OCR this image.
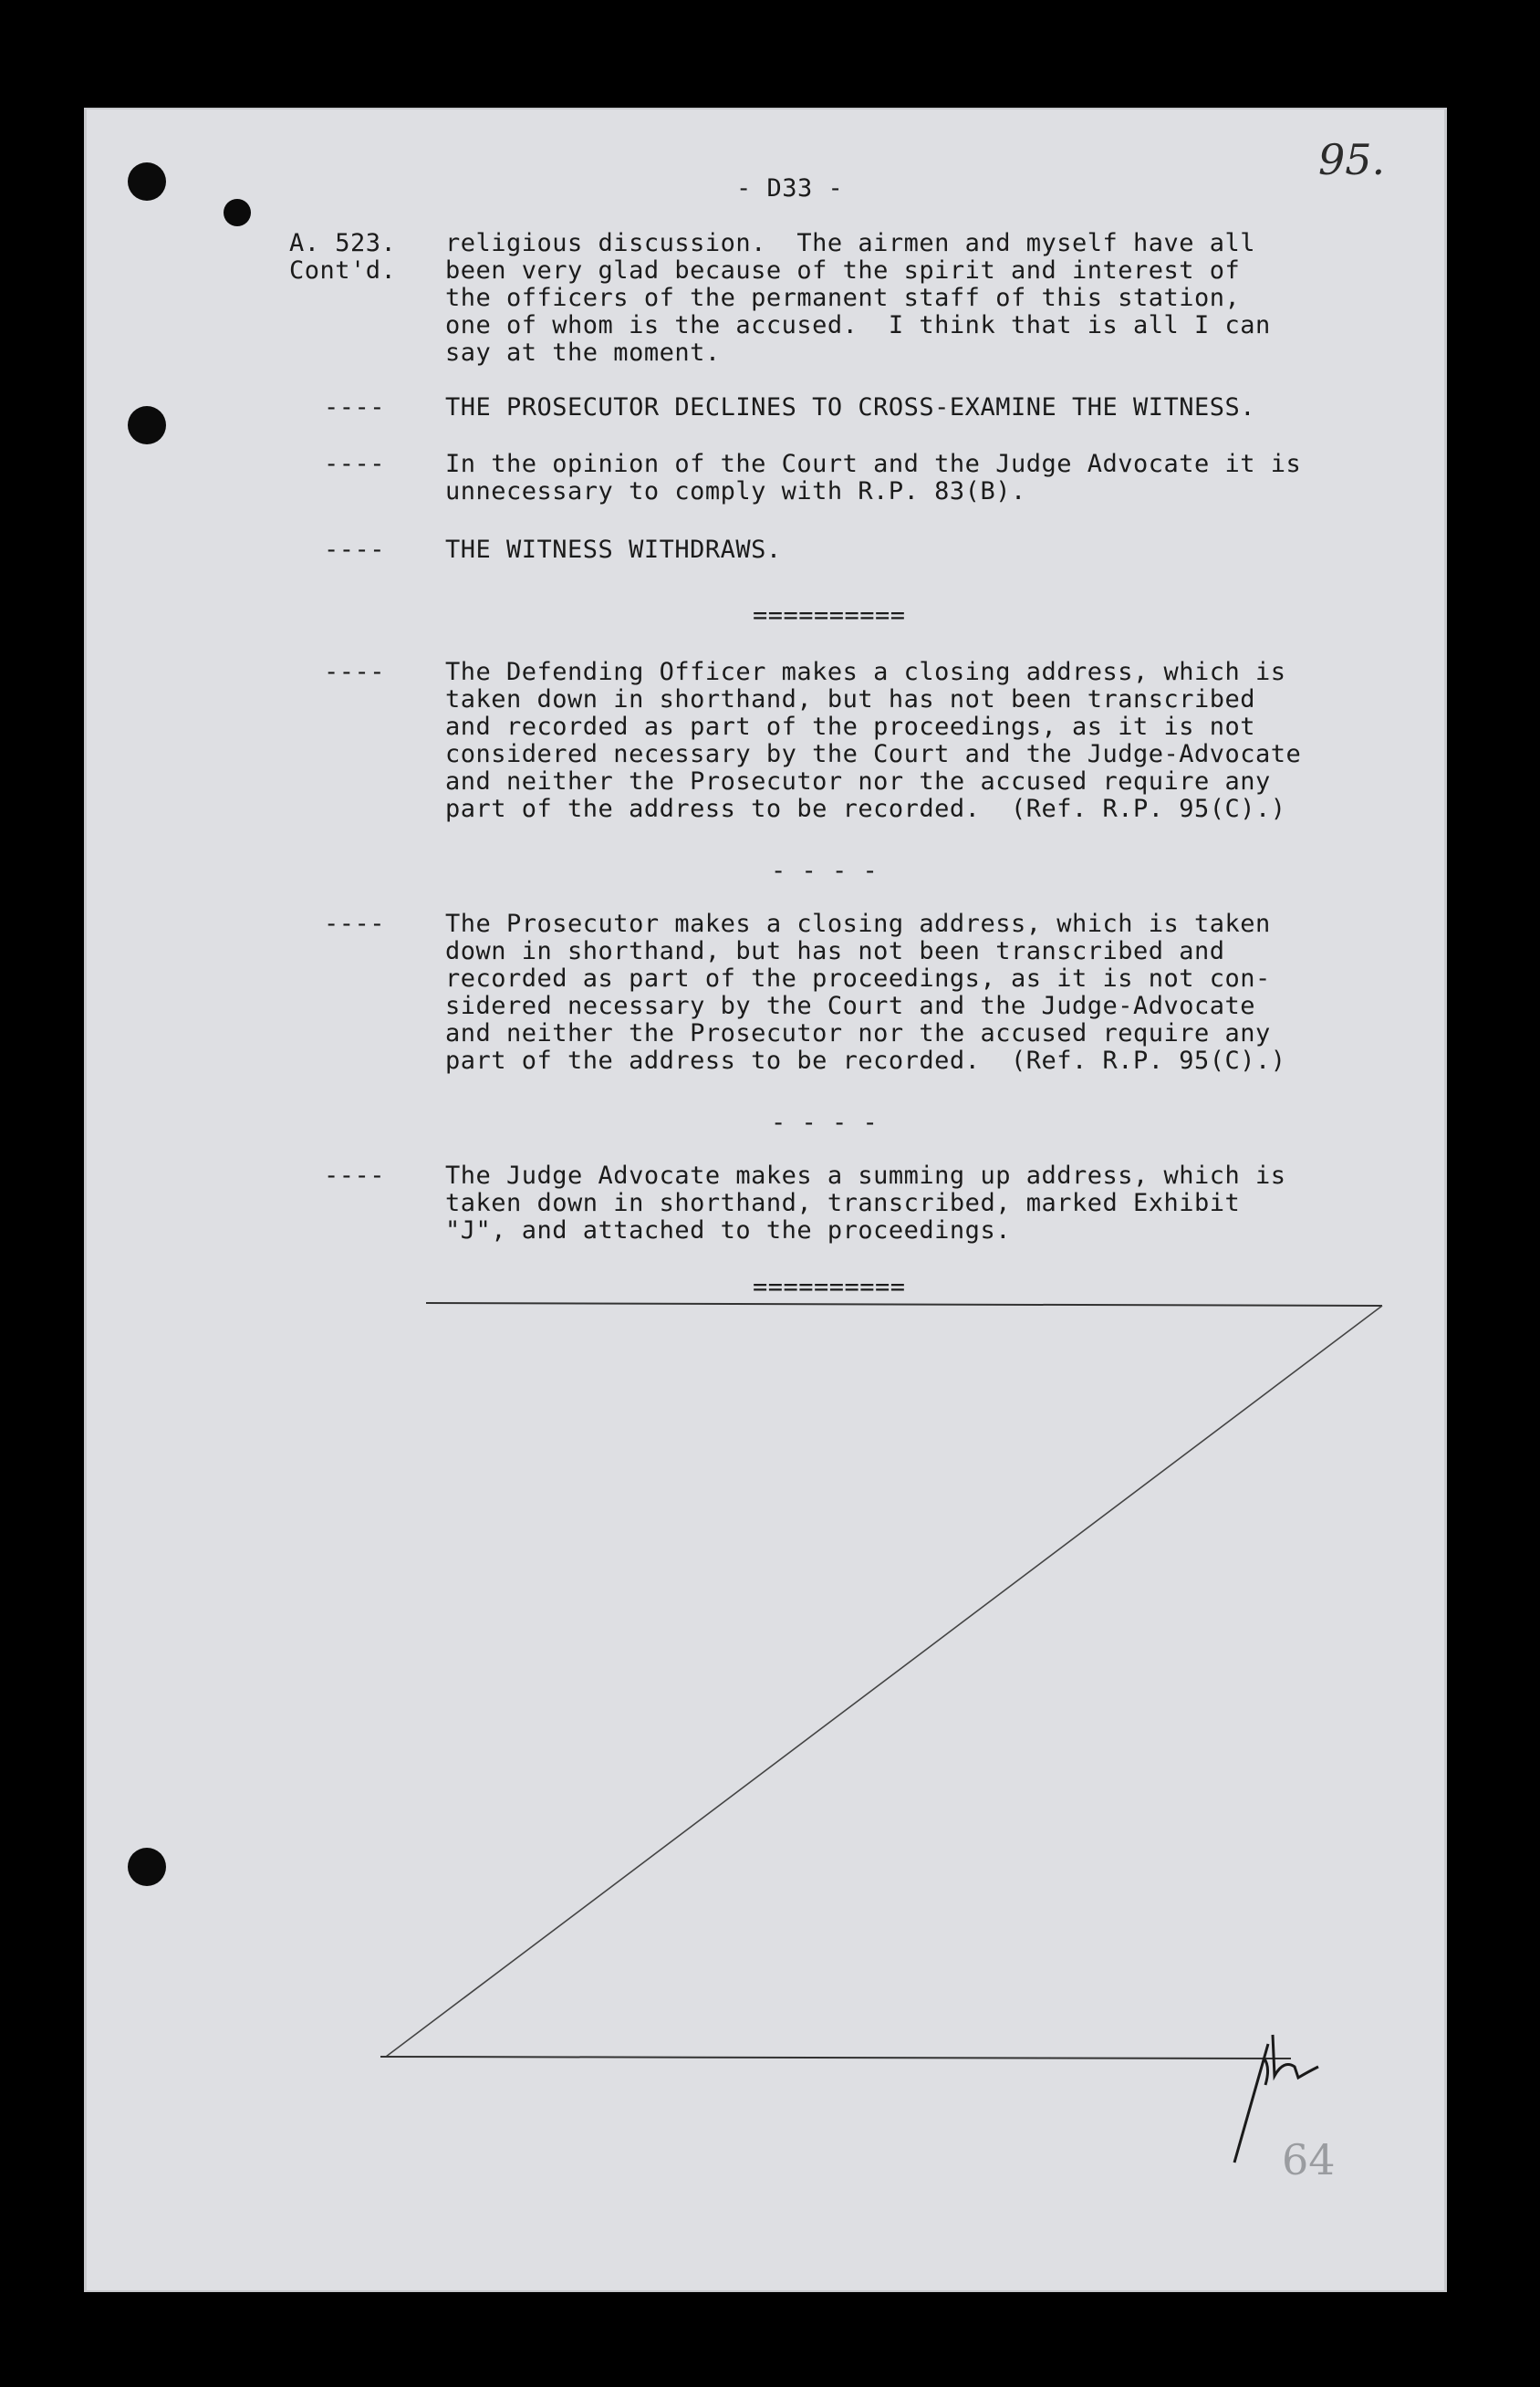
95.
- D33 -
A. 523.
Cont'd.
religious discussion.  The airmen and myself have all
been very glad because of the spirit and interest of
the officers of the permanent staff of this station,
one of whom is the accused.  I think that is all I can
say at the moment.
---- THE PROSECUTOR DECLINES TO CROSS-EXAMINE THE WITNESS.
---- In the opinion of the Court and the Judge Advocate it is
unnecessary to comply with R.P. 83(B).
---- THE WITNESS WITHDRAWS.
==========
---- The Defending Officer makes a closing address, which is
taken down in shorthand, but has not been transcribed
and recorded as part of the proceedings, as it is not
considered necessary by the Court and the Judge-Advocate
and neither the Prosecutor nor the accused require any
part of the address to be recorded.  (Ref. R.P. 95(C).)
- - - -
---- The Prosecutor makes a closing address, which is taken
down in shorthand, but has not been transcribed and
recorded as part of the proceedings, as it is not con-
sidered necessary by the Court and the Judge-Advocate
and neither the Prosecutor nor the accused require any
part of the address to be recorded.  (Ref. R.P. 95(C).)
- - - -
---- The Judge Advocate makes a summing up address, which is
taken down in shorthand, transcribed, marked Exhibit
"J", and attached to the proceedings.
==========
64
